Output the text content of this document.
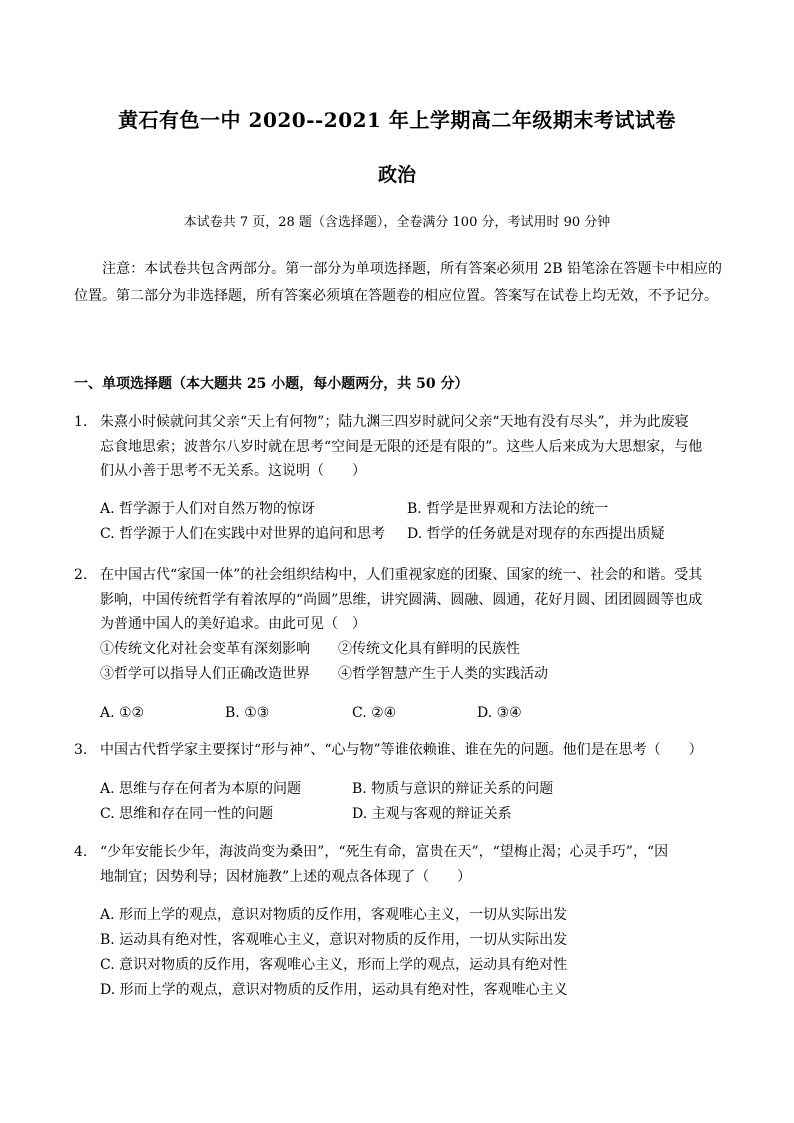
黄石有色一中 2020--2021 年上学期高二年级期末考试试卷
政治
本试卷共 7 页，28 题（含选择题），全卷满分 100 分，考试用时 90 分钟
注意：本试卷共包含两部分。第一部分为单项选择题，所有答案必须用 2B 铅笔涂在答题卡中相应的位置。第二部分为非选择题，所有答案必须填在答题卷的相应位置。答案写在试卷上均无效，不予记分。
一、单项选择题（本大题共 25 小题，每小题两分，共 50 分）
1. 朱熹小时候就问其父亲“天上有何物”；陆九渊三四岁时就问父亲“天地有没有尽头”，并为此废寝
忘食地思索；波普尔八岁时就在思考“空间是无限的还是有限的”。这些人后来成为大思想家，与他
们从小善于思考不无关系。这说明（　　）
A. 哲学源于人们对自然万物的惊讶	B. 哲学是世界观和方法论的统一
C. 哲学源于人们在实践中对世界的追问和思考 D. 哲学的任务就是对现存的东西提出质疑
2. 在中国古代“家国一体”的社会组织结构中，人们重视家庭的团聚、国家的统一、社会的和谐。受其
影响，中国传统哲学有着浓厚的“尚圆”思维，讲究圆满、圆融、圆通，花好月圆、团团圆圆等也成
为普通中国人的美好追求。由此可见（　）
①传统文化对社会变革有深刻影响 ②传统文化具有鲜明的民族性
③哲学可以指导人们正确改造世界 ④哲学智慧产生于人类的实践活动
A. ①②	B. ①③	C. ②④	D. ③④
3. 中国古代哲学家主要探讨“形与神”、“心与物”等谁依赖谁、谁在先的问题。他们是在思考（　　）
A. 思维与存在何者为本原的问题	B. 物质与意识的辩证关系的问题
C. 思维和存在同一性的问题	D. 主观与客观的辩证关系
4. “少年安能长少年，海波尚变为桑田”，“死生有命，富贵在天”，“望梅止渴；心灵手巧”，“因
地制宜；因势利导；因材施教”上述的观点各体现了（　　）
A. 形而上学的观点，意识对物质的反作用，客观唯心主义，一切从实际出发
B. 运动具有绝对性，客观唯心主义，意识对物质的反作用，一切从实际出发
C. 意识对物质的反作用，客观唯心主义，形而上学的观点，运动具有绝对性
D. 形而上学的观点，意识对物质的反作用，运动具有绝对性，客观唯心主义
